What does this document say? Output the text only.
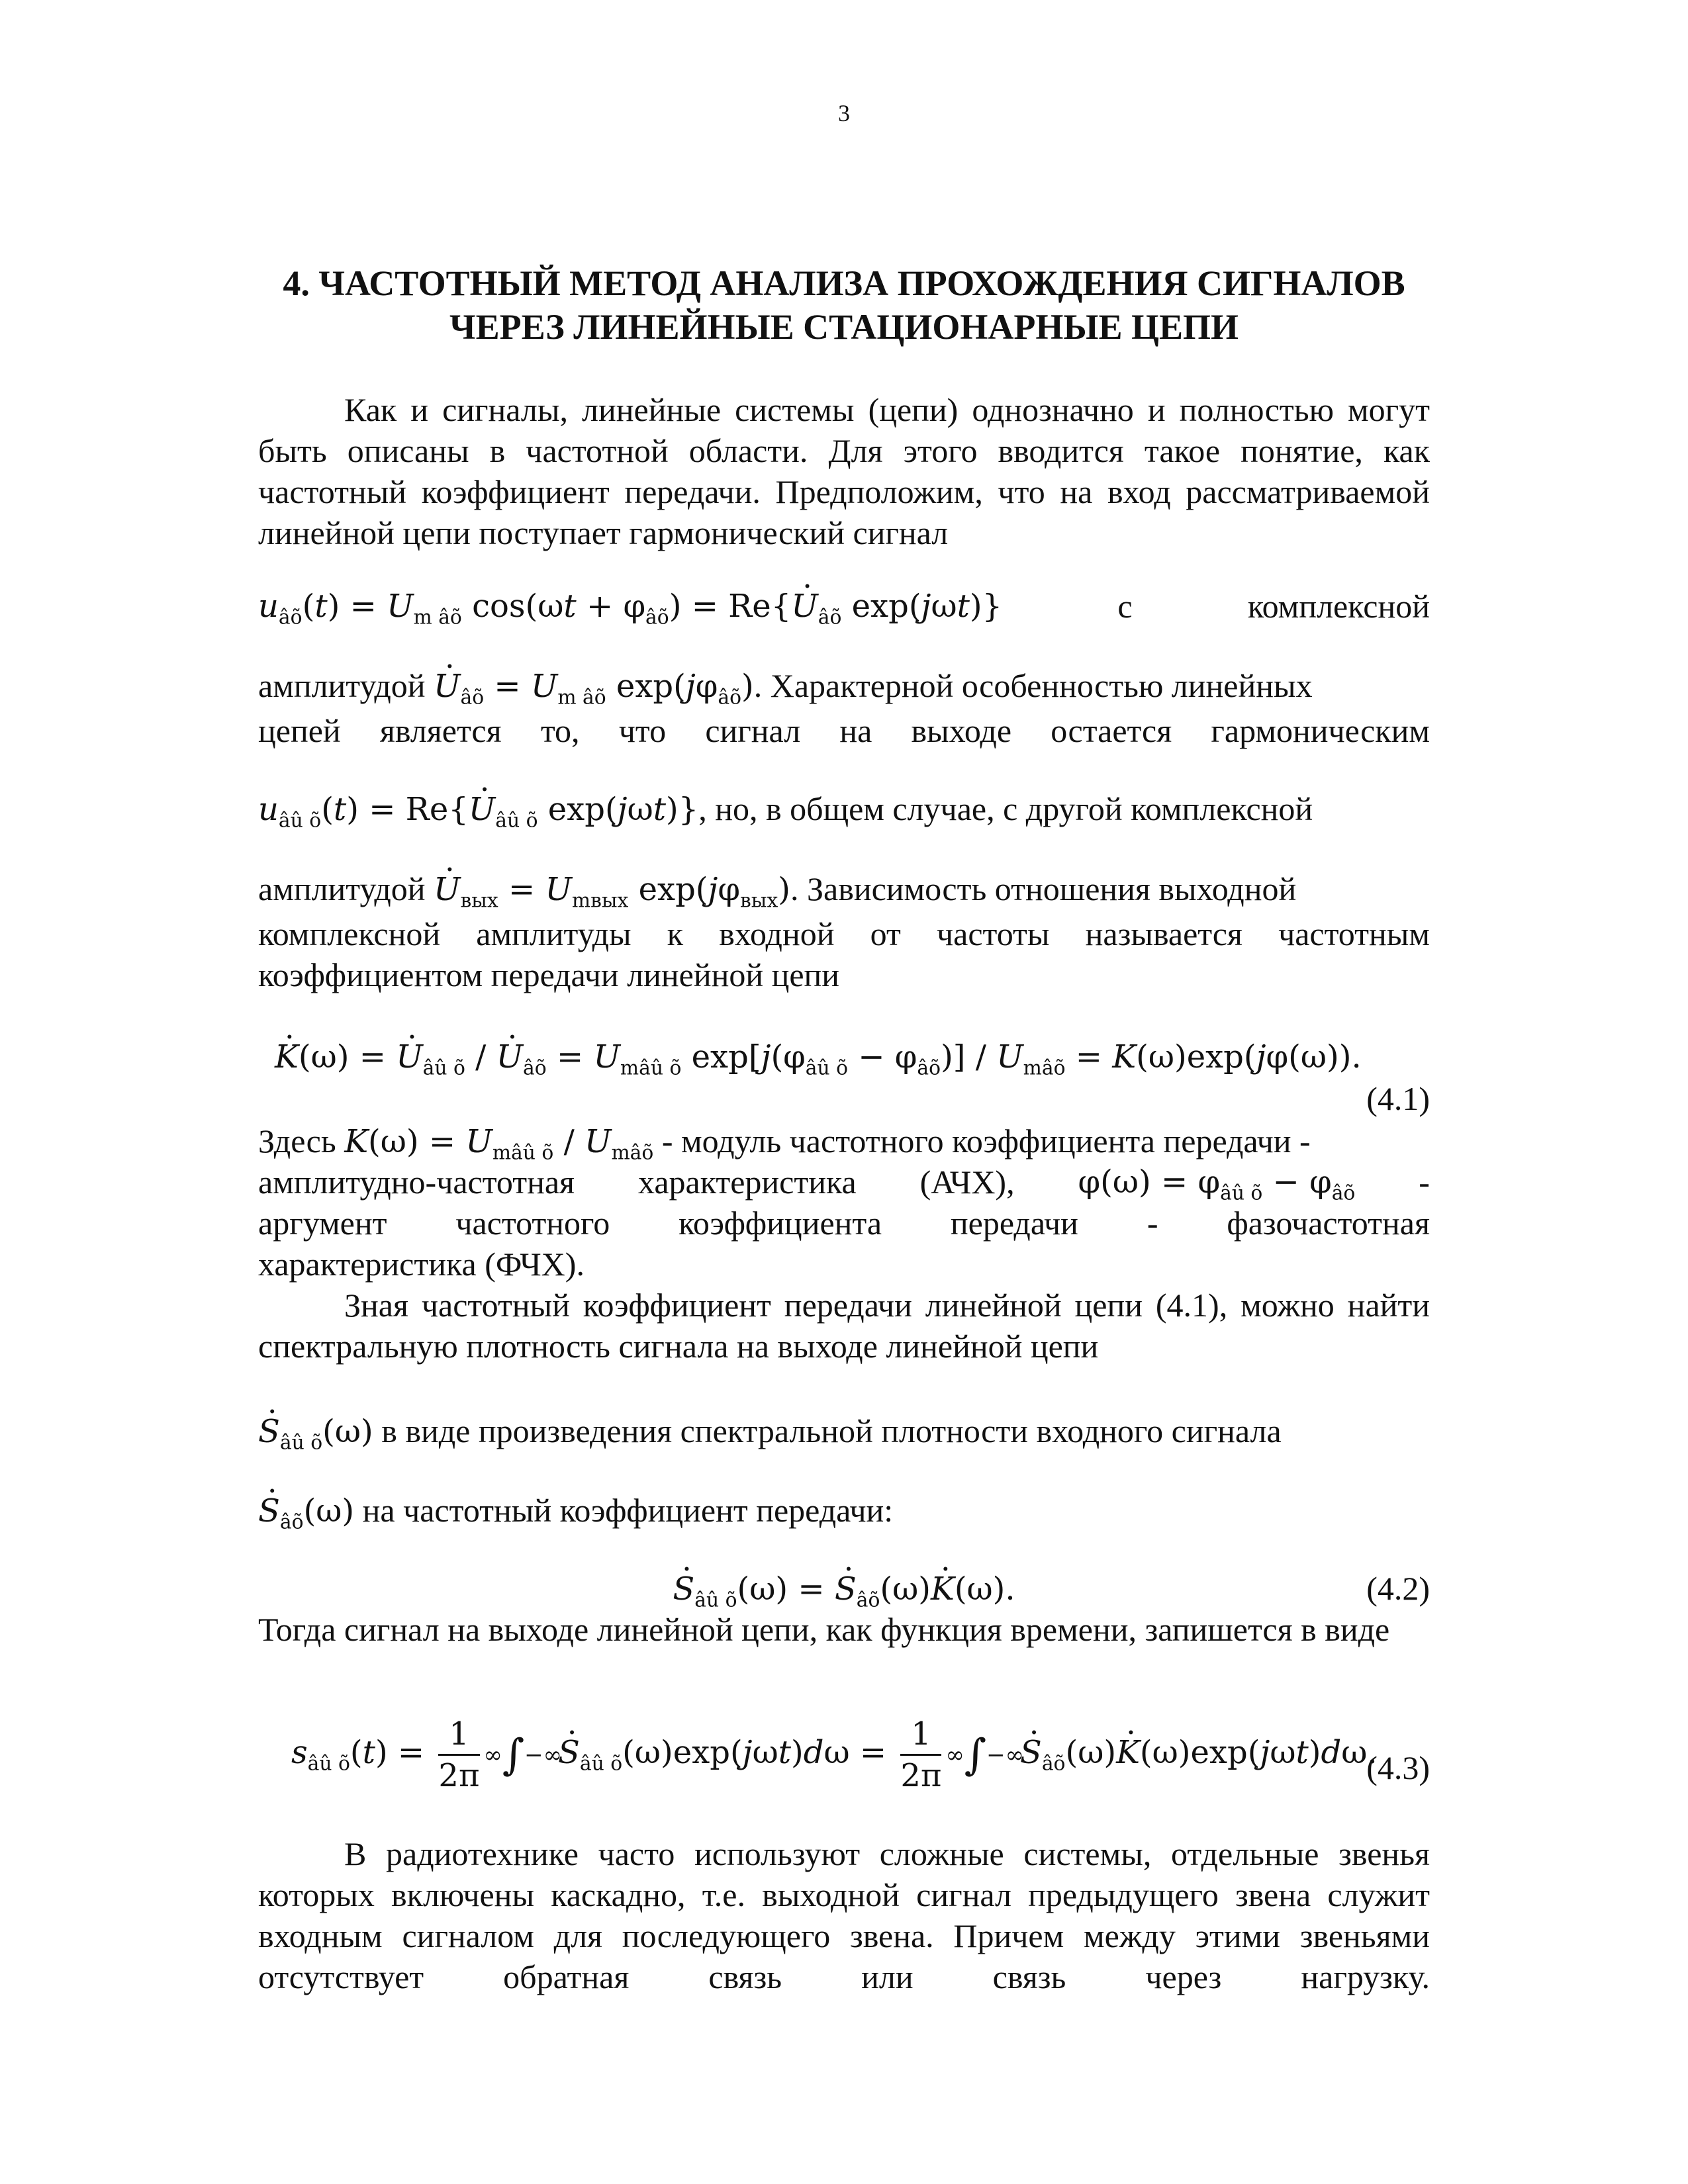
3
4. ЧАСТОТНЫЙ МЕТОД АНАЛИЗА ПРОХОЖДЕНИЯ СИГНАЛОВ
ЧЕРЕЗ ЛИНЕЙНЫЕ СТАЦИОНАРНЫЕ ЦЕПИ
Как и сигналы, линейные системы (цепи) однозначно и полностью могут быть описаны в частотной области. Для этого вводится такое понятие, как частотный коэффициент передачи. Предположим, что на вход рассматриваемой линейной цепи поступает гармонический сигнал
$u_{âõ}(t) = U_{m âõ}$ $\cos(\omega t + \varphi_{âõ}) = Re${. $U_{âõ}$ exp(jωt)}	с	комплексной
амплитудой . $U_{âõ} = U_{m âõ}$ $\exp(j\varphi_{âõ})$. Характерной особенностью линейных
цепей является то, что сигнал на выходе остается гармоническим
$u_{âû õ}(t) = Re${. $U_{âû õ}$ exp(jωt)}, но, в общем случае, с другой комплексной
амплитудой . $U_{вых} = U_{mвых}$ $\exp(j\varphi_{вых})$. Зависимость отношения выходной
комплексной амплитуды к входной от частоты называется частотным коэффициентом передачи линейной цепи
. K(ω) = . $U_{âû õ}$ / . $U_{âõ} = U_{mâû õ}$ $\exp[j(\varphi_{âû õ} - \varphi_{âõ})] / U_{mâõ} = K(\omega)\exp(j\varphi(\omega))$.
(4.1)
Здесь $K(\omega) = U_{mâû õ} / U_{mâõ}$ - модуль частотного коэффициента передачи -
амплитудно-частотная характеристика (АЧХ), $\varphi(\omega) = \varphi_{âû õ} - \varphi_{âõ}$ -
аргумент частотного коэффициента передачи - фазочастотная
характеристика (ФЧХ).
Зная частотный коэффициент передачи линейной цепи (4.1), можно найти спектральную плотность сигнала на выходе линейной цепи
. $S_{âû õ}(\omega)$ в виде произведения спектральной плотности входного сигнала
. $S_{âõ}(\omega)$ на частотный коэффициент передачи:
. $S_{âû õ}(\omega)$ = . $S_{âõ}(\omega)$. K(ω).	(4.2)
Тогда сигнал на выходе линейной цепи, как функция времени, запишется в виде
$s_{âû õ}(t) = \frac{1}{2\pi}$ ∞∫−∞. $S_{âû õ}(\omega)\exp(j\omega t)d\omega = \frac{1}{2\pi}$ ∞∫−∞. $S_{âõ}(\omega)$. K(ω)exp(jωt)dω.
(4.3)
В радиотехнике часто используют сложные системы, отдельные звенья которых включены каскадно, т.е. выходной сигнал предыдущего звена служит входным сигналом для последующего звена. Причем между этими звеньями отсутствует обратная связь или связь через нагрузку.
